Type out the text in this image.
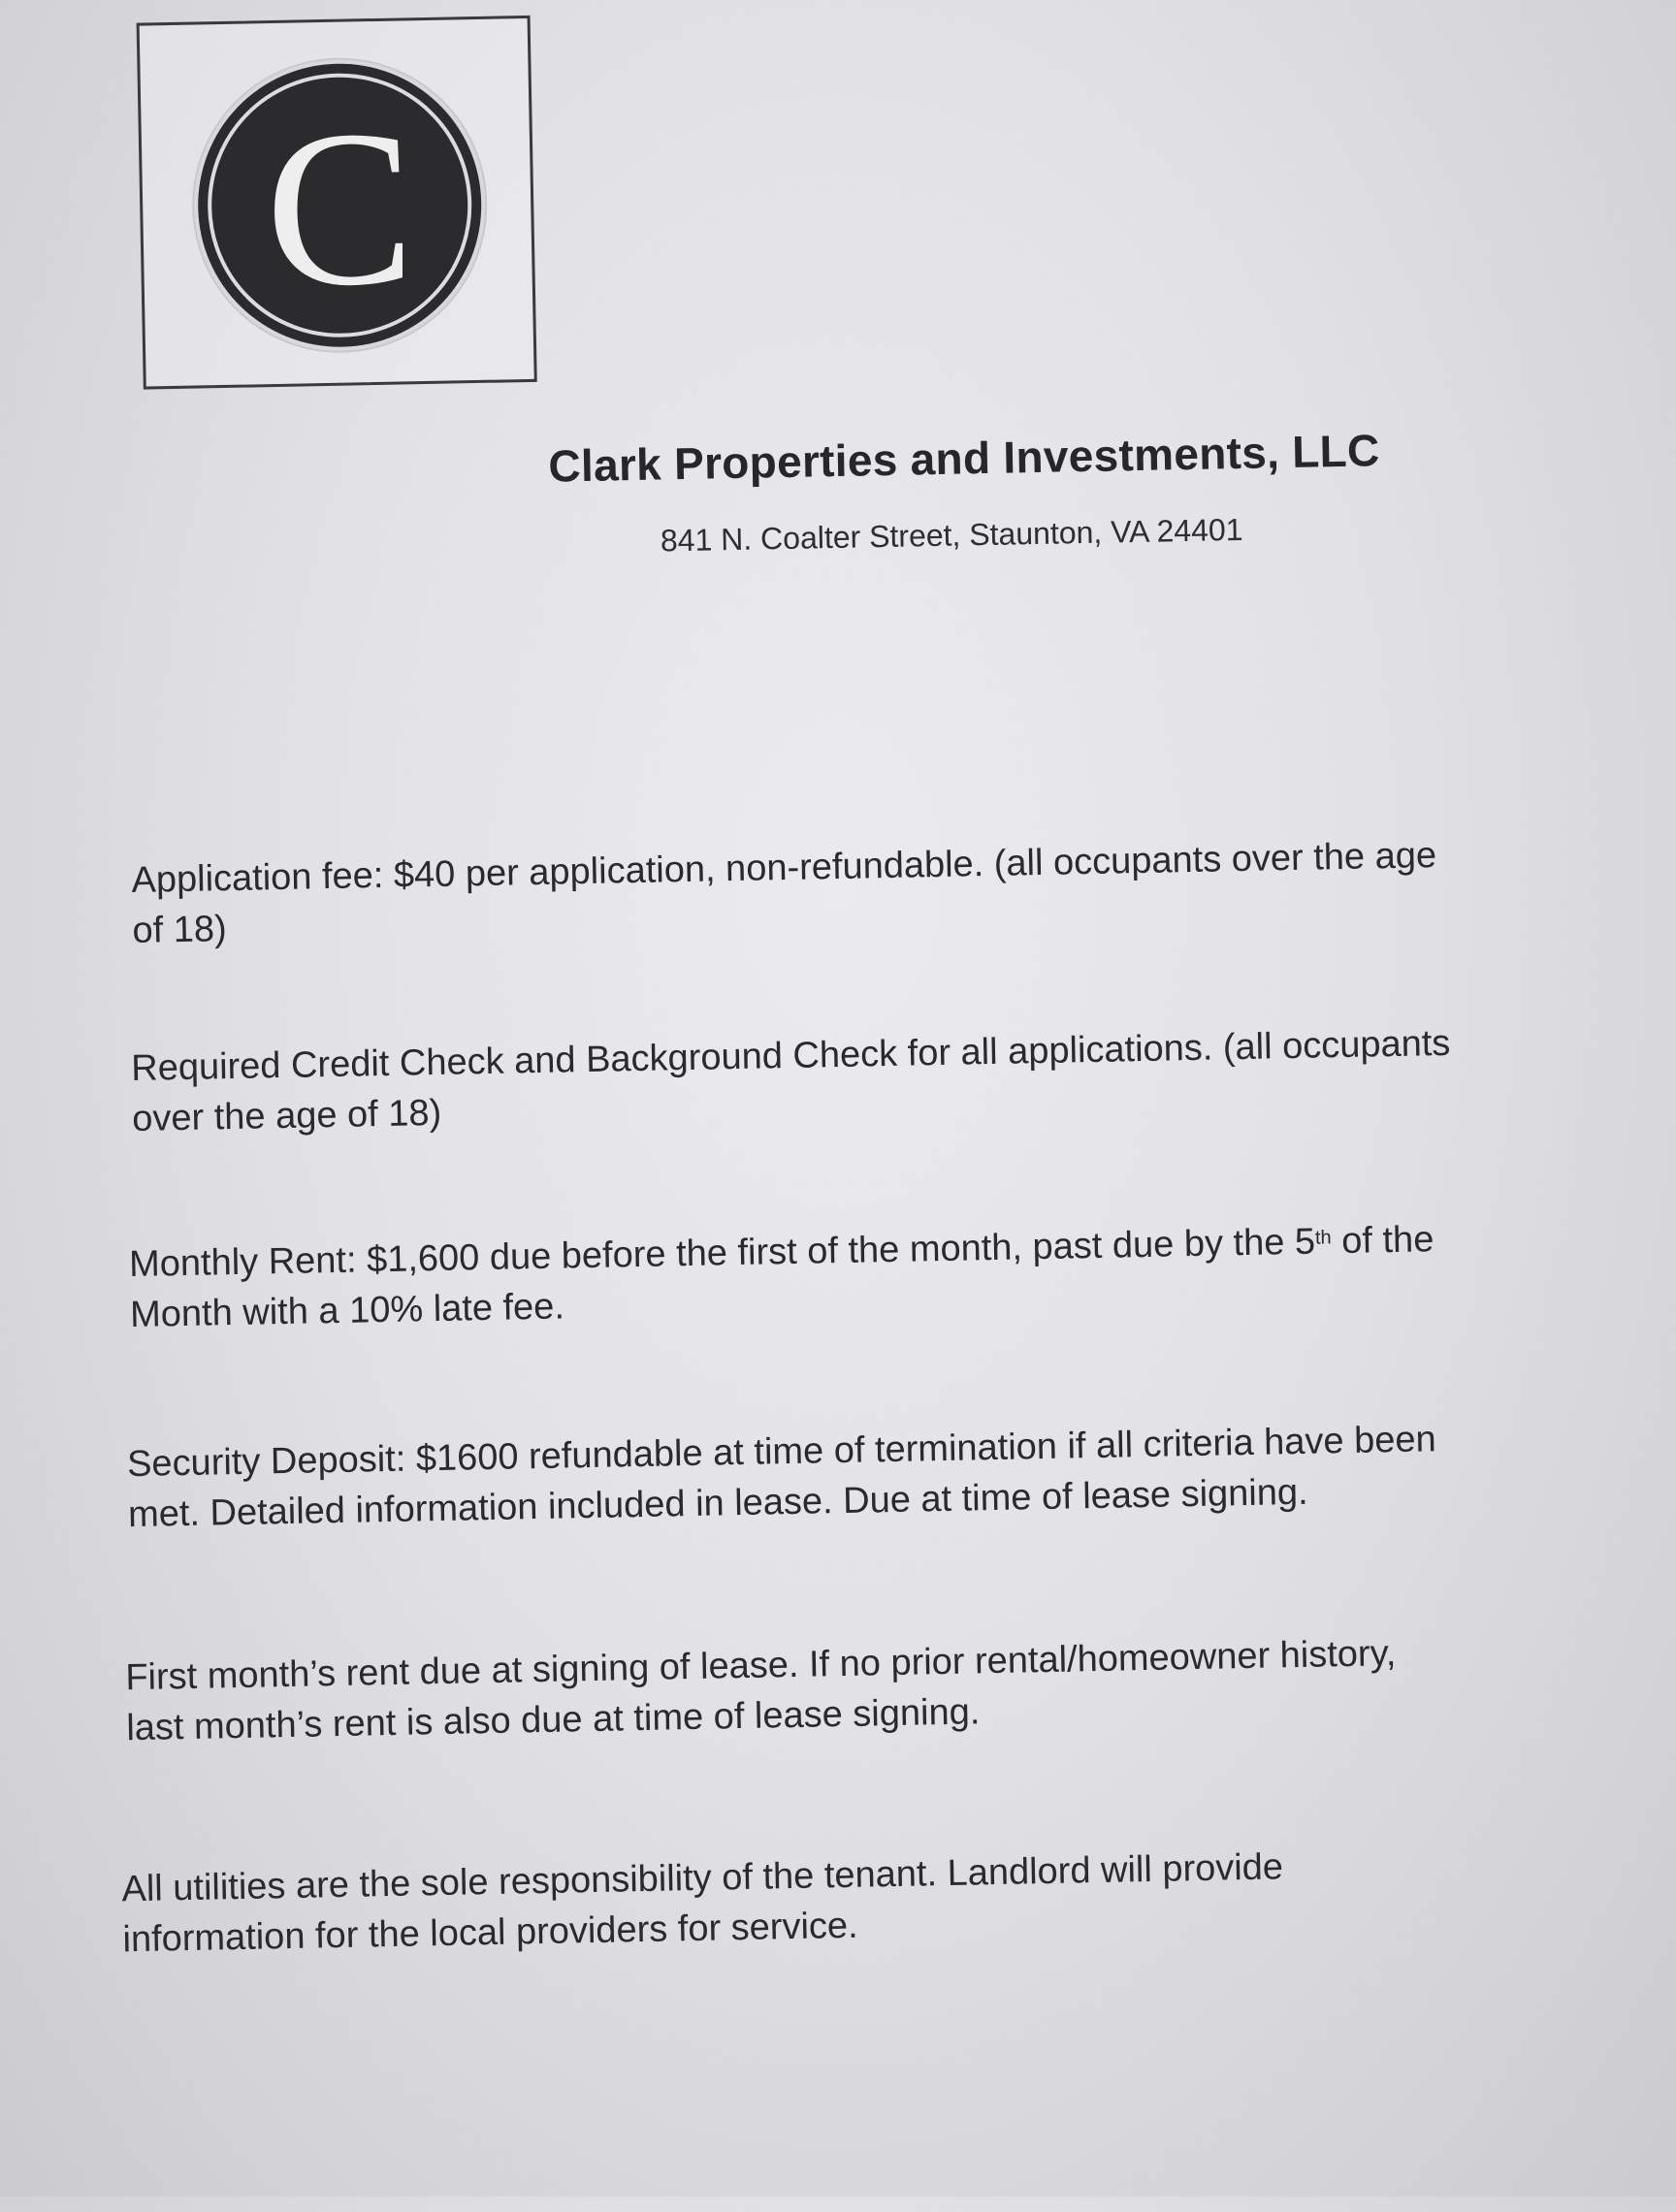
C
Clark Properties and Investments, LLC
841 N. Coalter Street, Staunton, VA 24401
Application fee: $40 per application, non-refundable. (all occupants over the age
of 18)
Required Credit Check and Background Check for all applications. (all occupants
over the age of 18)
Monthly Rent: $1,600 due before the first of the month, past due by the 5th of the
Month with a 10% late fee.
Security Deposit: $1600 refundable at time of termination if all criteria have been
met. Detailed information included in lease. Due at time of lease signing.
First month’s rent due at signing of lease. If no prior rental/homeowner history,
last month’s rent is also due at time of lease signing.
All utilities are the sole responsibility of the tenant. Landlord will provide
information for the local providers for service.
